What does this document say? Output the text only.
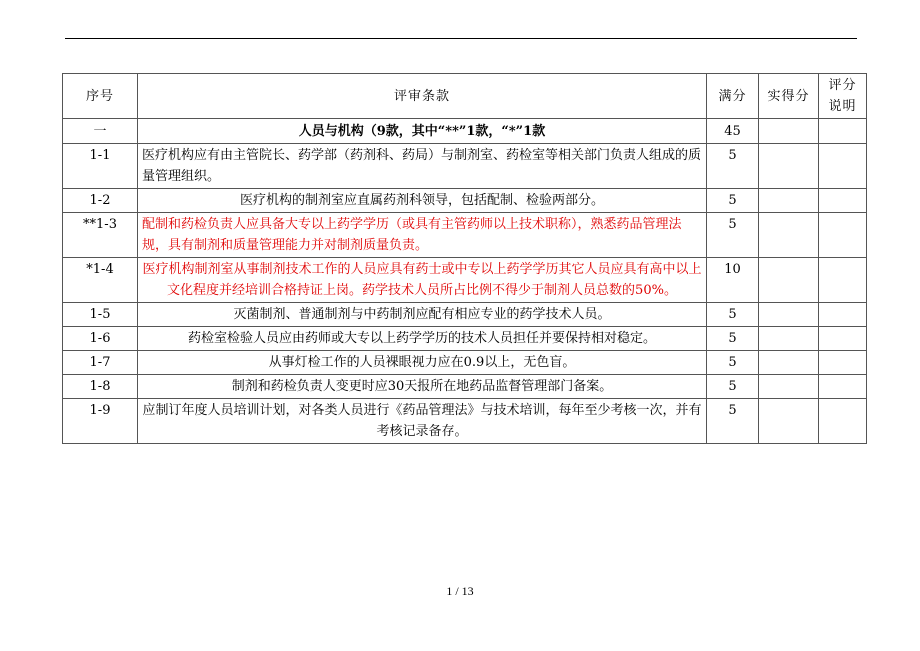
序号	评审条款	满分	实得分	评分说明
一	人员与机构（9款，其中“**”1款，“*”1款	45		
1-1	医疗机构应有由主管院长、药学部（药剂科、药局）与制剂室、药检室等相关部门负责人组成的质量管理组织。	5		
1-2	医疗机构的制剂室应直属药剂科领导，包括配制、检验两部分。	5		
**1-3	配制和药检负责人应具备大专以上药学学历（或具有主管药师以上技术职称），熟悉药品管理法规，具有制剂和质量管理能力并对制剂质量负责。	5		
*1-4	医疗机构制剂室从事制剂技术工作的人员应具有药士或中专以上药学学历其它人员应具有高中以上文化程度并经培训合格持证上岗。药学技术人员所占比例不得少于制剂人员总数的50%。	10		
1-5	灭菌制剂、普通制剂与中药制剂应配有相应专业的药学技术人员。	5		
1-6	药检室检验人员应由药师或大专以上药学学历的技术人员担任并要保持相对稳定。	5		
1-7	从事灯检工作的人员裸眼视力应在0.9以上，无色盲。	5		
1-8	制剂和药检负责人变更时应30天报所在地药品监督管理部门备案。	5		
1-9	应制订年度人员培训计划，对各类人员进行《药品管理法》与技术培训，每年至少考核一次，并有考核记录备存。	5		
1 / 13
